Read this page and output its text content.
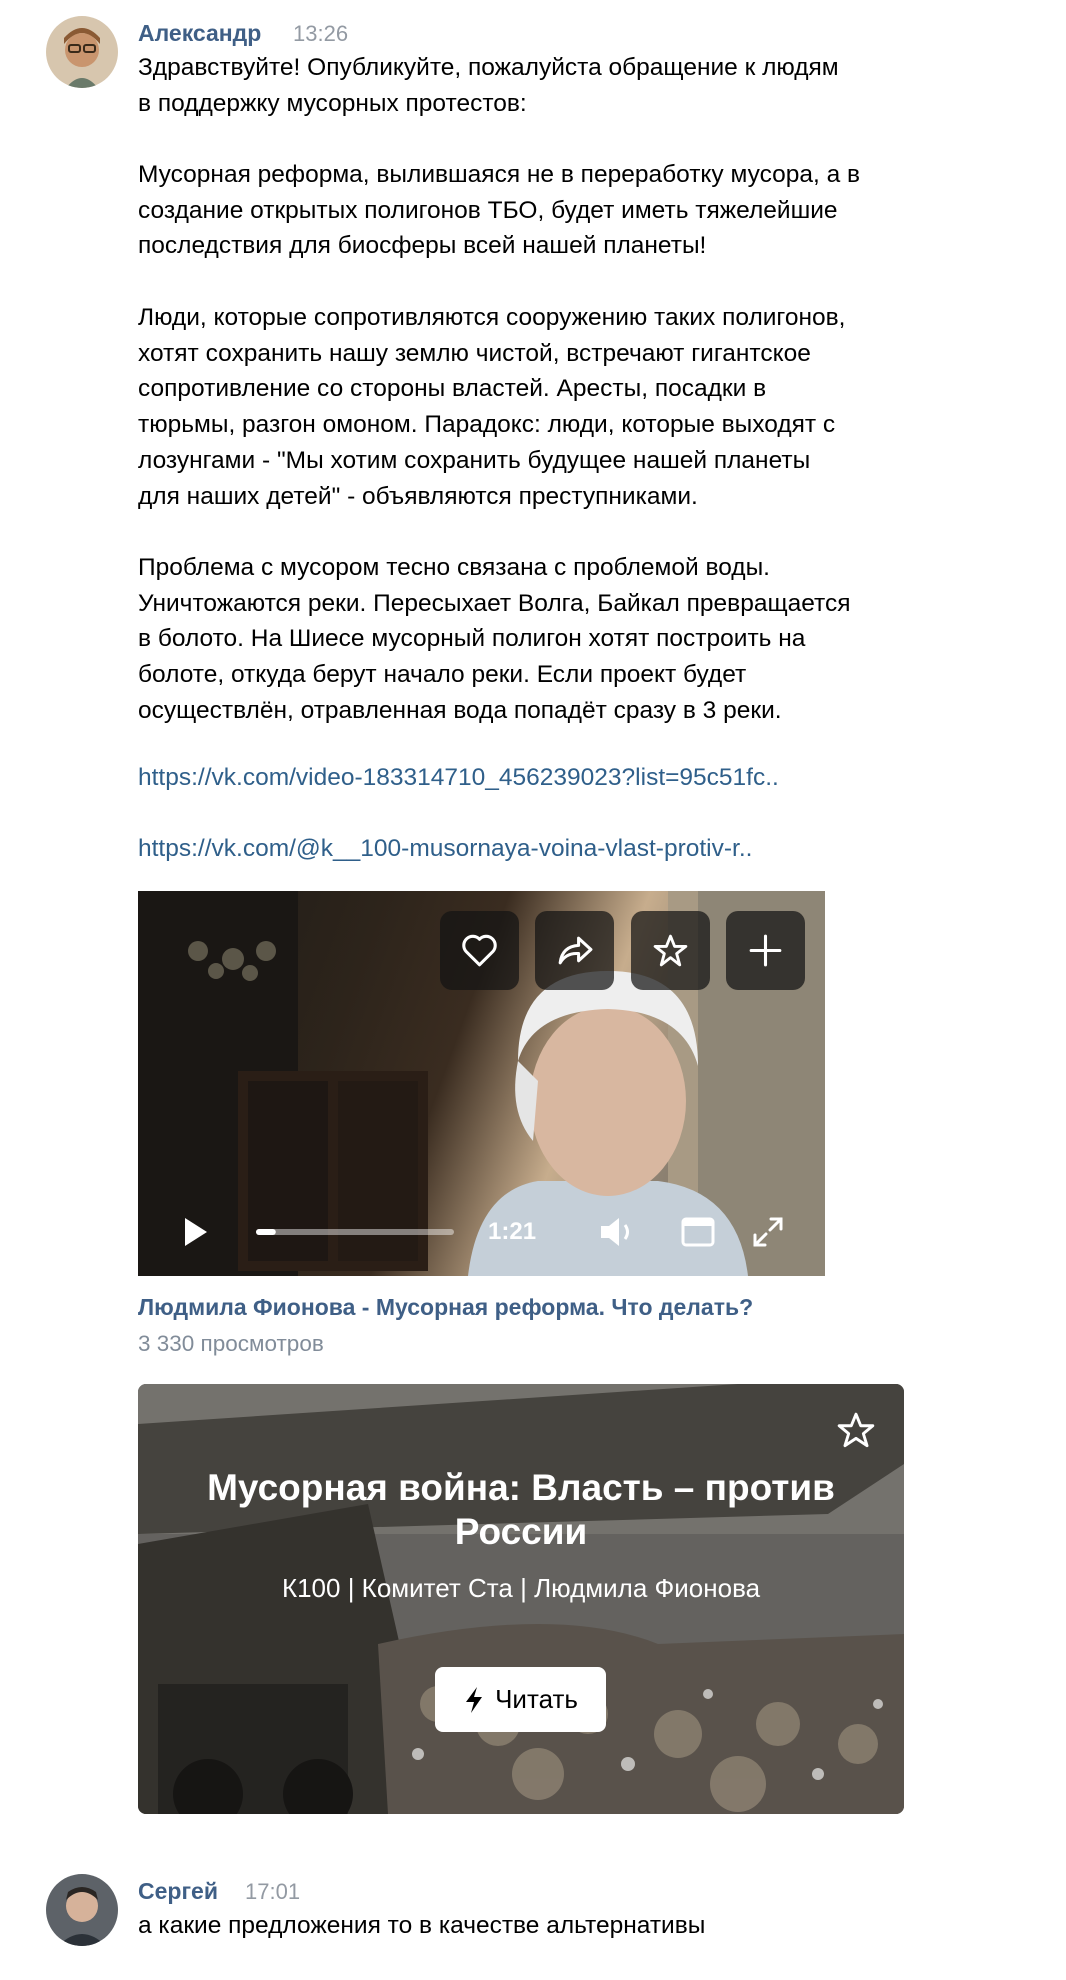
Александр 13:26
Здравствуйте! Опубликуйте, пожалуйста обращение к людям
в поддержку мусорных протестов:
Мусорная реформа, вылившаяся не в переработку мусора, а в
создание открытых полигонов ТБО, будет иметь тяжелейшие
последствия для биосферы всей нашей планеты!
Люди, которые сопротивляются сооружению таких полигонов,
хотят сохранить нашу землю чистой, встречают гигантское
сопротивление со стороны властей. Аресты, посадки в
тюрьмы, разгон омоном. Парадокс: люди, которые выходят с
лозунгами - "Мы хотим сохранить будущее нашей планеты
для наших детей" - объявляются преступниками.
Проблема с мусором тесно связана с проблемой воды.
Уничтожаются реки. Пересыхает Волга, Байкал превращается
в болото. На Шиесе мусорный полигон хотят построить на
болоте, откуда берут начало реки. Если проект будет
осуществлён, отравленная вода попадёт сразу в 3 реки.
https://vk.com/video-183314710_456239023?list=95c51fc..
https://vk.com/@k__100-musornaya-voina-vlast-protiv-r..
1:21
Людмила Фионова - Мусорная реформа. Что делать?
3 330 просмотров
Мусорная война: Власть – против
России
К100 | Комитет Ста | Людмила Фионова
Читать
Сергей 17:01
а какие предложения то в качестве альтернативы
